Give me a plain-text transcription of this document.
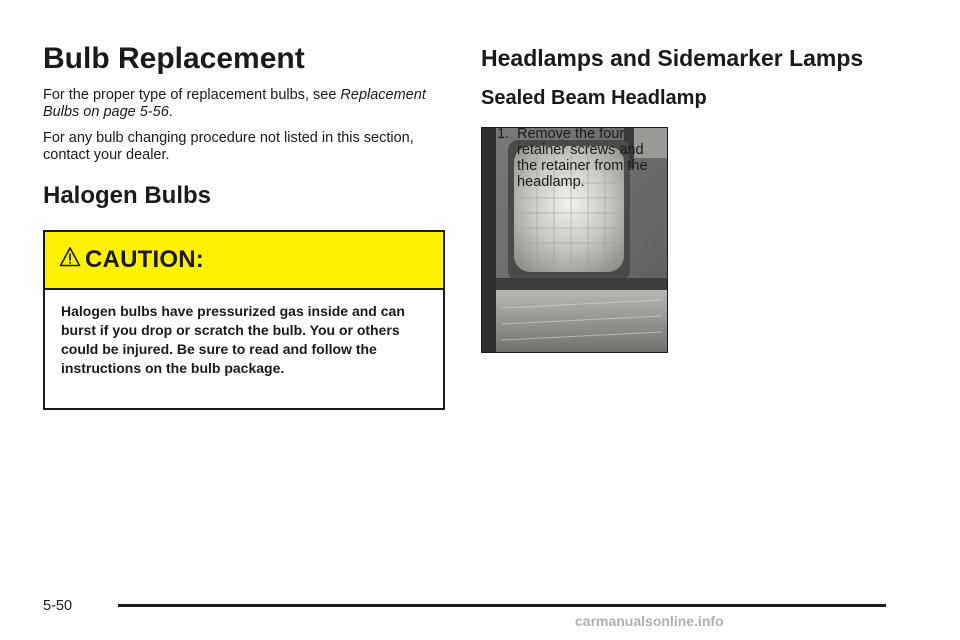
Bulb Replacement

For the proper type of replacement bulbs, see Replacement Bulbs on page 5-56.

For any bulb changing procedure not listed in this section, contact your dealer.

Halogen Bulbs
CAUTION:
Halogen bulbs have pressurized gas inside and can burst if you drop or scratch the bulb. You or others could be injured. Be sure to read and follow the instructions on the bulb package.
Headlamps and Sidemarker Lamps
Sealed Beam Headlamp
1. Remove the four retainer screws and the retainer from the headlamp.
5-50
carmanualsonline.info
